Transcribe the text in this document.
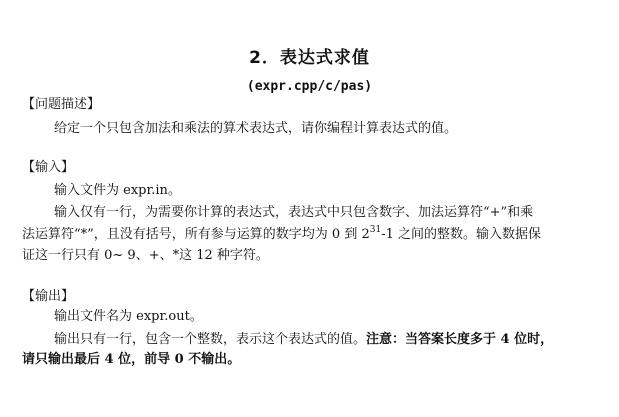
2．表达式求值
(expr.cpp/c/pas)
【问题描述】
给定一个只包含加法和乘法的算术表达式，请你编程计算表达式的值。
【输入】
输入文件为 expr.in。
输入仅有一行，为需要你计算的表达式，表达式中只包含数字、加法运算符“+”和乘
法运算符“*”，且没有括号，所有参与运算的数字均为 0 到 $2^{31}-1$ 之间的整数。输入数据保
证这一行只有 0~ 9、+、*这 12 种字符。
【输出】
输出文件名为 expr.out。
输出只有一行，包含一个整数，表示这个表达式的值。注意：当答案长度多于 4 位时，
请只输出最后 4 位，前导 0 不输出。
